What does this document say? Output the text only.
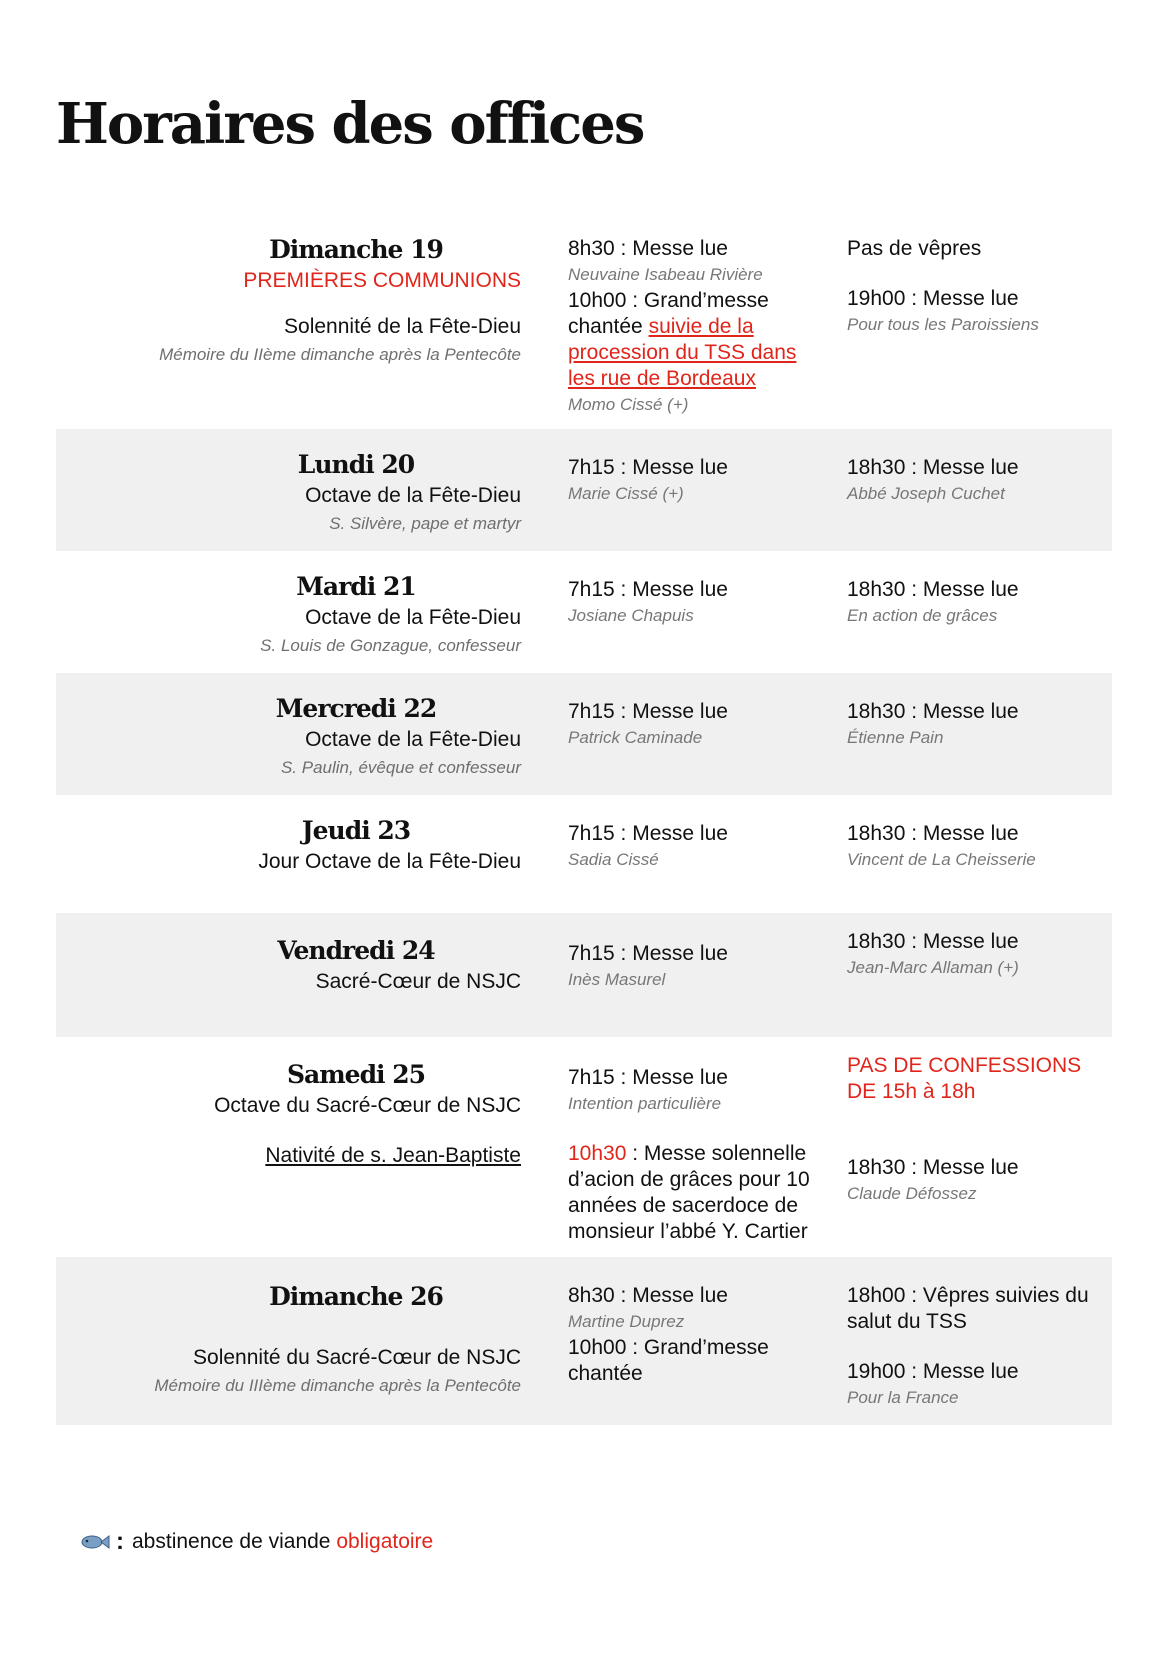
Horaires des offices
Dimanche 19
PREMIÈRES COMMUNIONS
Solennité de la Fête-Dieu
Mémoire du IIème dimanche après la Pentecôte
8h30 : Messe lue
Neuvaine Isabeau Rivière
10h00 : Grand’messe
chantée suivie de la procession du TSS dans les rue de Bordeaux
Momo Cissé (+)
Pas de vêpres
19h00 : Messe lue
Pour tous les Paroissiens
Lundi 20
Octave de la Fête-Dieu
S. Silvère, pape et martyr
7h15 : Messe lue
Marie Cissé (+)
18h30 : Messe lue
Abbé Joseph Cuchet
Mardi 21
Octave de la Fête-Dieu
S. Louis de Gonzague, confesseur
7h15 : Messe lue
Josiane Chapuis
18h30 : Messe lue
En action de grâces
Mercredi 22
Octave de la Fête-Dieu
S. Paulin, évêque et confesseur
7h15 : Messe lue
Patrick Caminade
18h30 : Messe lue
Étienne Pain
Jeudi 23
Jour Octave de la Fête-Dieu
7h15 : Messe lue
Sadia Cissé
18h30 : Messe lue
Vincent de La Cheisserie
Vendredi 24
Sacré-Cœur de NSJC
7h15 : Messe lue
Inès Masurel
18h30 : Messe lue
Jean-Marc Allaman (+)
Samedi 25
Octave du Sacré-Cœur de NSJC
Nativité de s. Jean-Baptiste
7h15 : Messe lue
Intention particulière
10h30 : Messe solennelle d’acion de grâces pour 10 années de sacerdoce de monsieur l’abbé Y. Cartier
PAS DE CONFESSIONS DE 15h à 18h
18h30 : Messe lue
Claude Défossez
Dimanche 26
Solennité du Sacré-Cœur de NSJC
Mémoire du IIIème dimanche après la Pentecôte
8h30 : Messe lue
Martine Duprez
10h00 : Grand’messe chantée
18h00 : Vêpres suivies du salut du TSS
19h00 : Messe lue
Pour la France
: abstinence de viande obligatoire
